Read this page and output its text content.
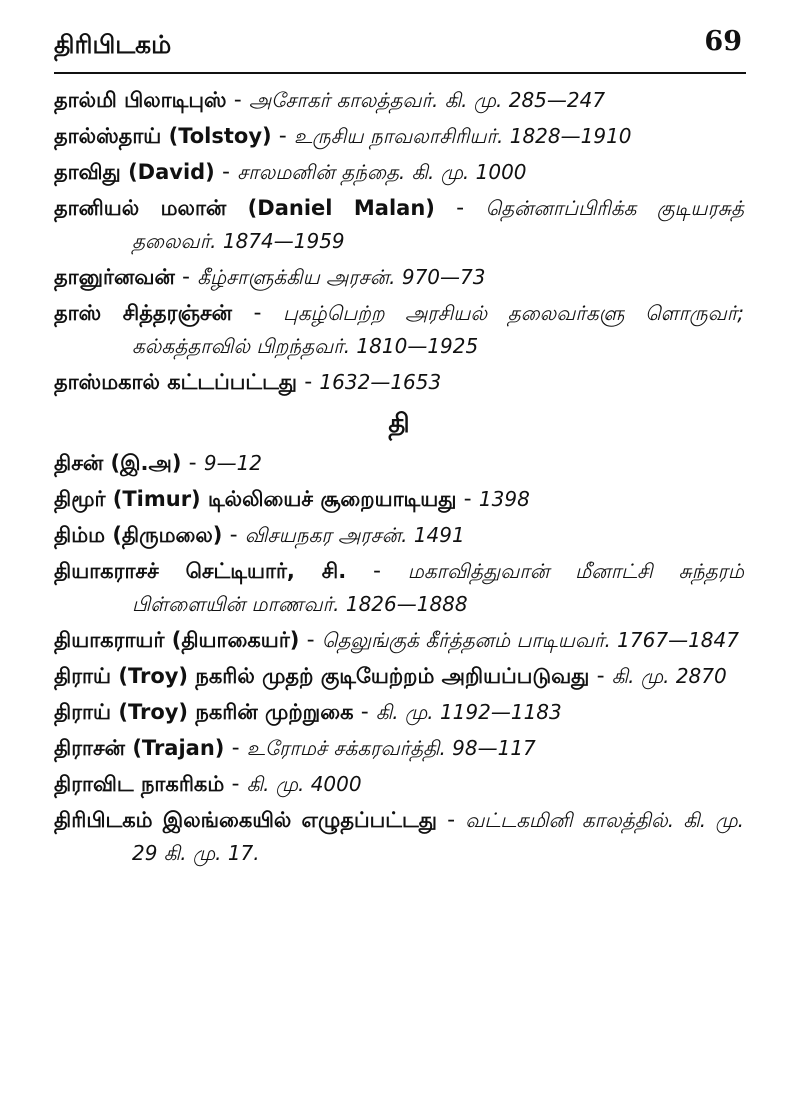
திரிபிடகம்	69

தால்மி பிலாடிபுஸ் - அசோகர் காலத்தவர். கி. மு. 285—247

தால்ஸ்தாய் (Tolstoy) - உருசிய நாவலாசிரியர். 1828—1910

தாவிது (David) - சாலமனின் தந்தை. கி. மு. 1000

தானியல் மலான் (Daniel Malan) - தென்னாப்பிரிக்க குடியரசுத் தலைவர். 1874—1959

தானுர்னவன் - கீழ்சாளுக்கிய அரசன். 970—73

தாஸ் சித்தரஞ்சன் - புகழ்பெற்ற அரசியல் தலைவர்களு ளொருவர்; கல்கத்தாவில் பிறந்தவர். 1810—1925

தாஸ்மகால் கட்டப்பட்டது - 1632—1653

தி

திசன் (இ.அ) - 9—12

திமூர் (Timur) டில்லியைச் சூறையாடியது - 1398

திம்ம (திருமலை) - விசயநகர அரசன். 1491

தியாகராசச் செட்டியார், சி. - மகாவித்துவான் மீனாட்சி சுந்தரம் பிள்ளையின் மாணவர். 1826—1888

தியாகராயர் (தியாகையர்) - தெலுங்குக் கீர்த்தனம் பாடியவர். 1767—1847

திராய் (Troy) நகரில் முதற் குடியேற்றம் அறியப்படுவது - கி. மு. 2870

திராய் (Troy) நகரின் முற்றுகை - கி. மு. 1192—1183

திராசன் (Trajan) - உரோமச் சக்கரவர்த்தி. 98—117

திராவிட நாகரிகம் - கி. மு. 4000

திரிபிடகம் இலங்கையில் எழுதப்பட்டது - வட்டகமினி காலத்தில். கி. மு. 29 கி. மு. 17.
